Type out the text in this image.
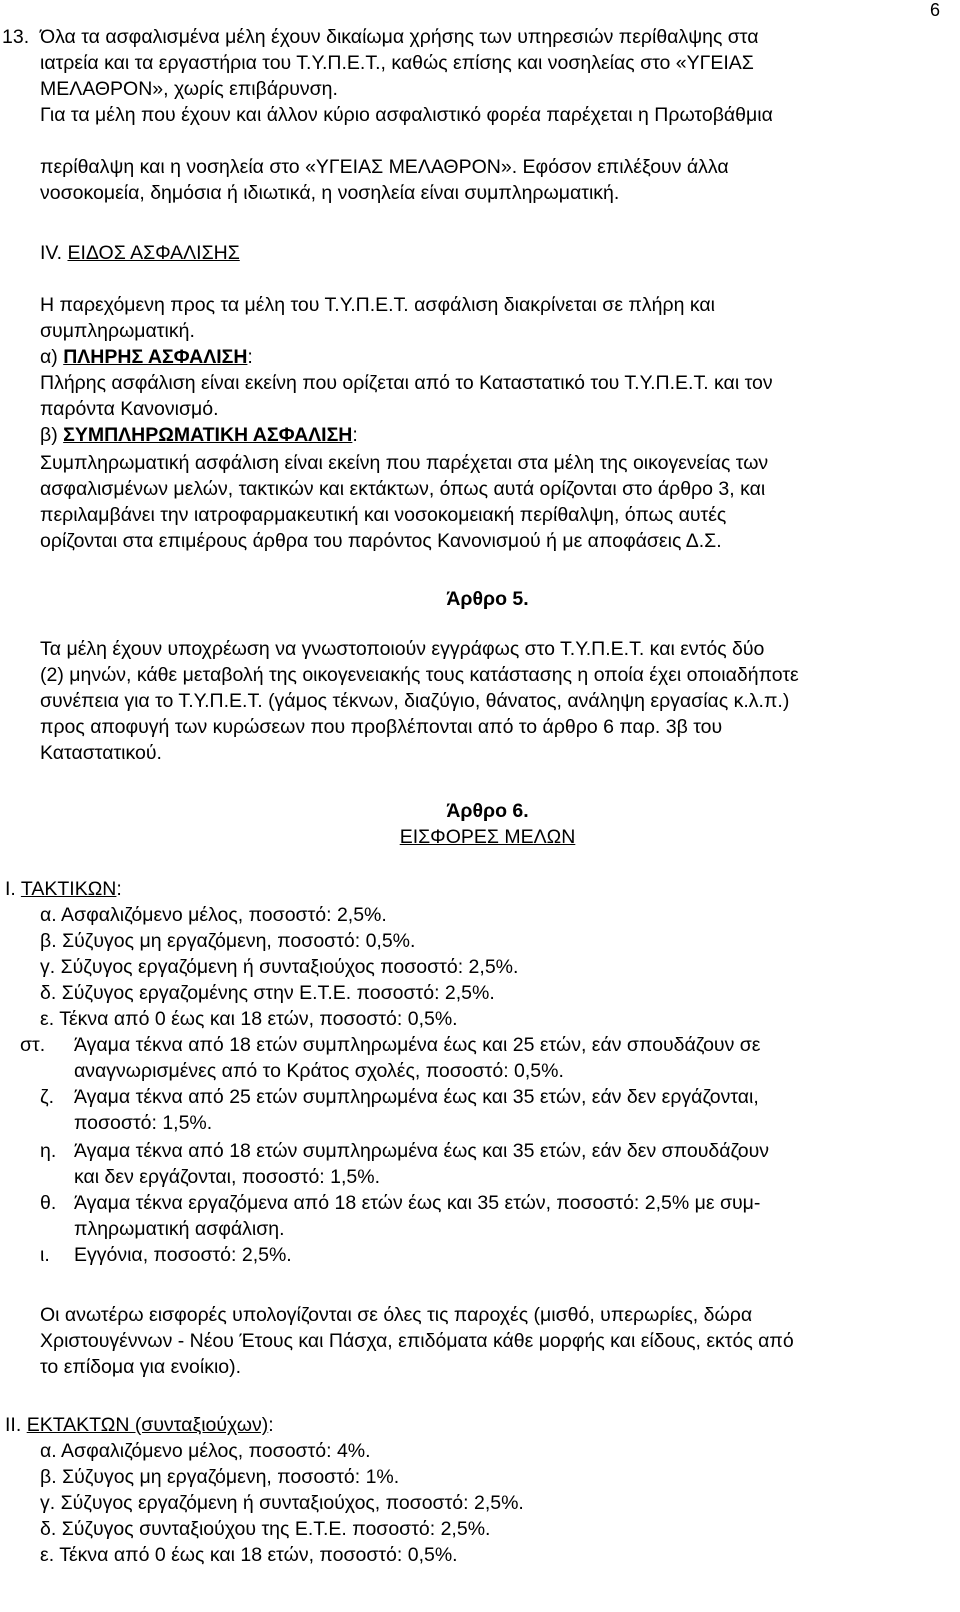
6
13. Όλα τα ασφαλισμένα μέλη έχουν δικαίωμα χρήσης των υπηρεσιών περίθαλψης στα
ιατρεία και τα εργαστήρια του Τ.Υ.Π.Ε.Τ., καθώς επίσης και νοσηλείας στο «ΥΓΕΙΑΣ
ΜΕΛΑΘΡΟΝ», χωρίς επιβάρυνση.
Για τα μέλη που έχουν και άλλον κύριο ασφαλιστικό φορέα παρέχεται η Πρωτοβάθμια
περίθαλψη και η νοσηλεία στο «ΥΓΕΙΑΣ ΜΕΛΑΘΡΟΝ». Εφόσον επιλέξουν άλλα
νοσοκομεία, δημόσια ή ιδιωτικά, η νοσηλεία είναι συμπληρωματική.
IV. ΕΙΔΟΣ ΑΣΦΑΛΙΣΗΣ
Η παρεχόμενη προς τα μέλη του Τ.Υ.Π.Ε.Τ. ασφάλιση διακρίνεται σε πλήρη και
συμπληρωματική.
α) ΠΛΗΡΗΣ ΑΣΦΑΛΙΣΗ:
Πλήρης ασφάλιση είναι εκείνη που ορίζεται από το Καταστατικό του Τ.Υ.Π.Ε.Τ. και τον
παρόντα Κανονισμό.
β) ΣΥΜΠΛΗΡΩΜΑΤΙΚΗ ΑΣΦΑΛΙΣΗ:
Συμπληρωματική ασφάλιση είναι εκείνη που παρέχεται στα μέλη της οικογενείας των
ασφαλισμένων μελών, τακτικών και εκτάκτων, όπως αυτά ορίζονται στο άρθρο 3, και
περιλαμβάνει την ιατροφαρμακευτική και νοσοκομειακή περίθαλψη, όπως αυτές
ορίζονται στα επιμέρους άρθρα του παρόντος Κανονισμού ή με αποφάσεις Δ.Σ.
Άρθρο 5.
Τα μέλη έχουν υποχρέωση να γνωστοποιούν εγγράφως στο Τ.Υ.Π.Ε.Τ. και εντός δύο
(2) μηνών, κάθε μεταβολή της οικογενειακής τους κατάστασης η οποία έχει οποιαδήποτε
συνέπεια για το Τ.Υ.Π.Ε.Τ. (γάμος τέκνων, διαζύγιο, θάνατος, ανάληψη εργασίας κ.λ.π.)
προς αποφυγή των κυρώσεων που προβλέπονται από το άρθρο 6 παρ. 3β του
Καταστατικού.
Άρθρο 6.
ΕΙΣΦΟΡΕΣ ΜΕΛΩΝ
Ι. ΤΑΚΤΙΚΩΝ:
α. Ασφαλιζόμενο μέλος, ποσοστό: 2,5%.
β. Σύζυγος μη εργαζόμενη, ποσοστό: 0,5%.
γ. Σύζυγος εργαζόμενη ή συνταξιούχος ποσοστό: 2,5%.
δ. Σύζυγος εργαζομένης στην Ε.Τ.Ε. ποσοστό: 2,5%.
ε. Τέκνα από 0 έως και 18 ετών, ποσοστό: 0,5%.
στ.	Άγαμα τέκνα από 18 ετών συμπληρωμένα έως και 25 ετών, εάν σπουδάζουν σε
αναγνωρισμένες από το Κράτος σχολές, ποσοστό: 0,5%.
ζ.	Άγαμα τέκνα από 25 ετών συμπληρωμένα έως και 35 ετών, εάν δεν εργάζονται,
ποσοστό: 1,5%.
η. Άγαμα τέκνα από 18 ετών συμπληρωμένα έως και 35 ετών, εάν δεν σπουδάζουν
και δεν εργάζονται, ποσοστό: 1,5%.
θ. Άγαμα τέκνα εργαζόμενα από 18 ετών έως και 35 ετών, ποσοστό: 2,5% με συμ-
πληρωματική ασφάλιση.
ι.	Εγγόνια, ποσοστό: 2,5%.
Οι ανωτέρω εισφορές υπολογίζονται σε όλες τις παροχές (μισθό, υπερωρίες, δώρα
Χριστουγέννων - Νέου Έτους και Πάσχα, επιδόματα κάθε μορφής και είδους, εκτός από
το επίδομα για ενοίκιο).
ΙΙ. ΕΚΤΑΚΤΩΝ (συνταξιούχων):
α. Ασφαλιζόμενο μέλος, ποσοστό: 4%.
β. Σύζυγος μη εργαζόμενη, ποσοστό: 1%.
γ. Σύζυγος εργαζόμενη ή συνταξιούχος, ποσοστό: 2,5%.
δ. Σύζυγος συνταξιούχου της Ε.Τ.Ε. ποσοστό: 2,5%.
ε. Τέκνα από 0 έως και 18 ετών, ποσοστό: 0,5%.
